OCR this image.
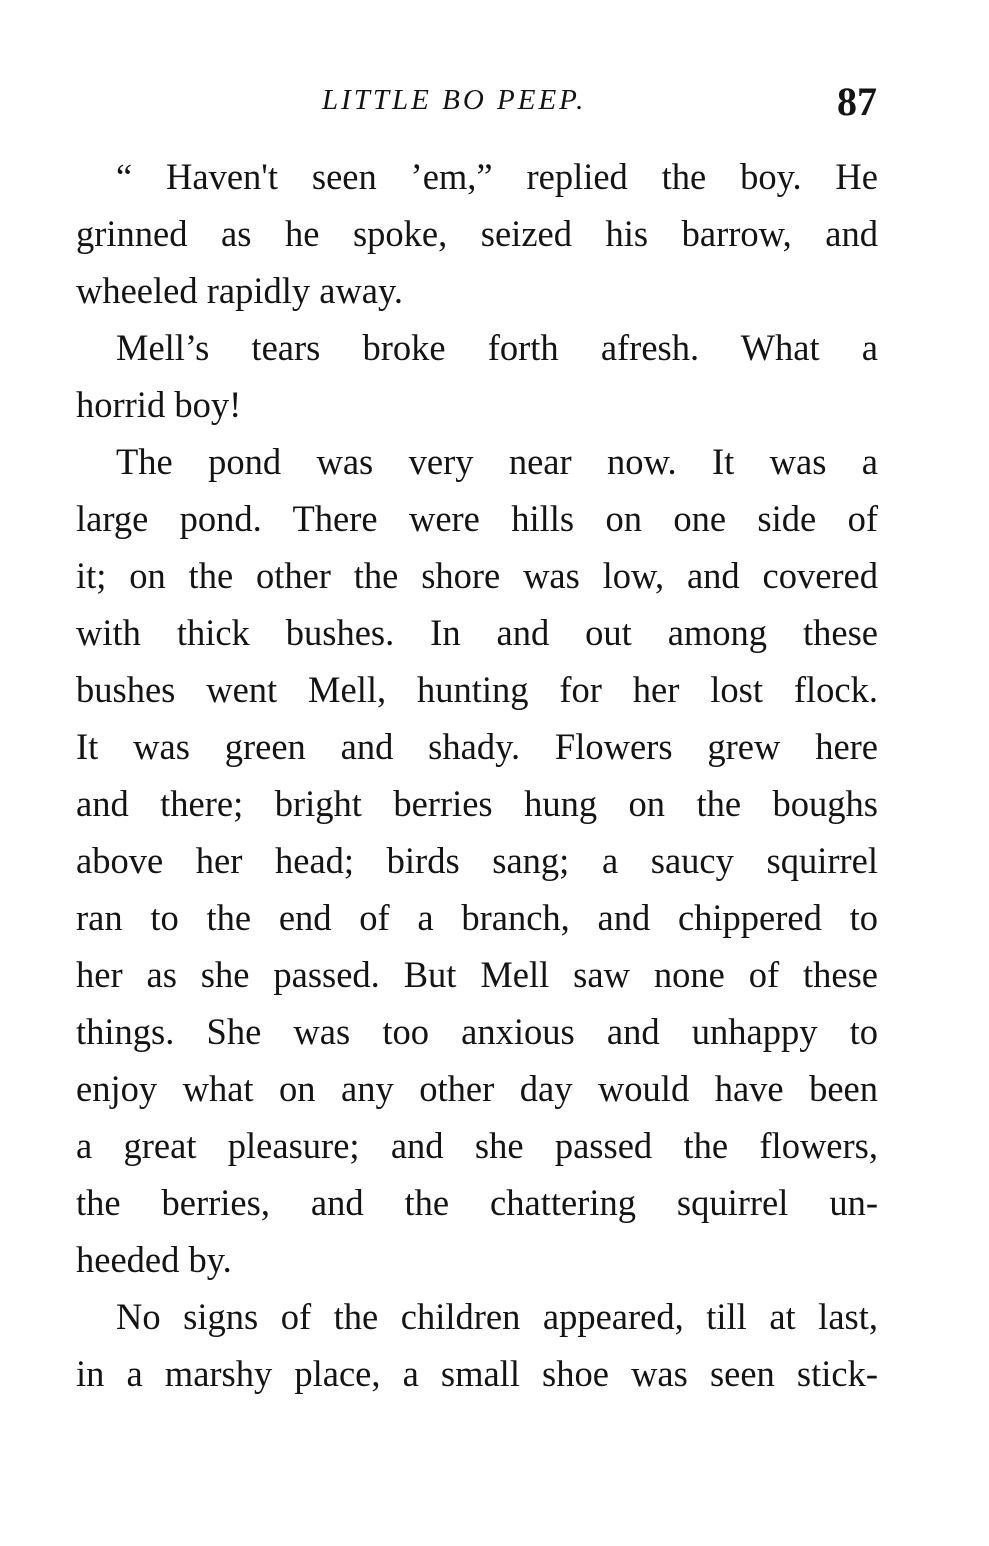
LITTLE BO PEEP.	87
“ Haven't seen ’em,” replied the boy. He
grinned as he spoke, seized his barrow, and
wheeled rapidly away.
Mell’s tears broke forth afresh. What a
horrid boy!
The pond was very near now. It was a
large pond. There were hills on one side of
it; on the other the shore was low, and covered
with thick bushes. In and out among these
bushes went Mell, hunting for her lost flock.
It was green and shady. Flowers grew here
and there; bright berries hung on the boughs
above her head; birds sang; a saucy squirrel
ran to the end of a branch, and chippered to
her as she passed. But Mell saw none of these
things. She was too anxious and unhappy to
enjoy what on any other day would have been
a great pleasure; and she passed the flowers,
the berries, and the chattering squirrel un-
heeded by.
No signs of the children appeared, till at last,
in a marshy place, a small shoe was seen stick-
